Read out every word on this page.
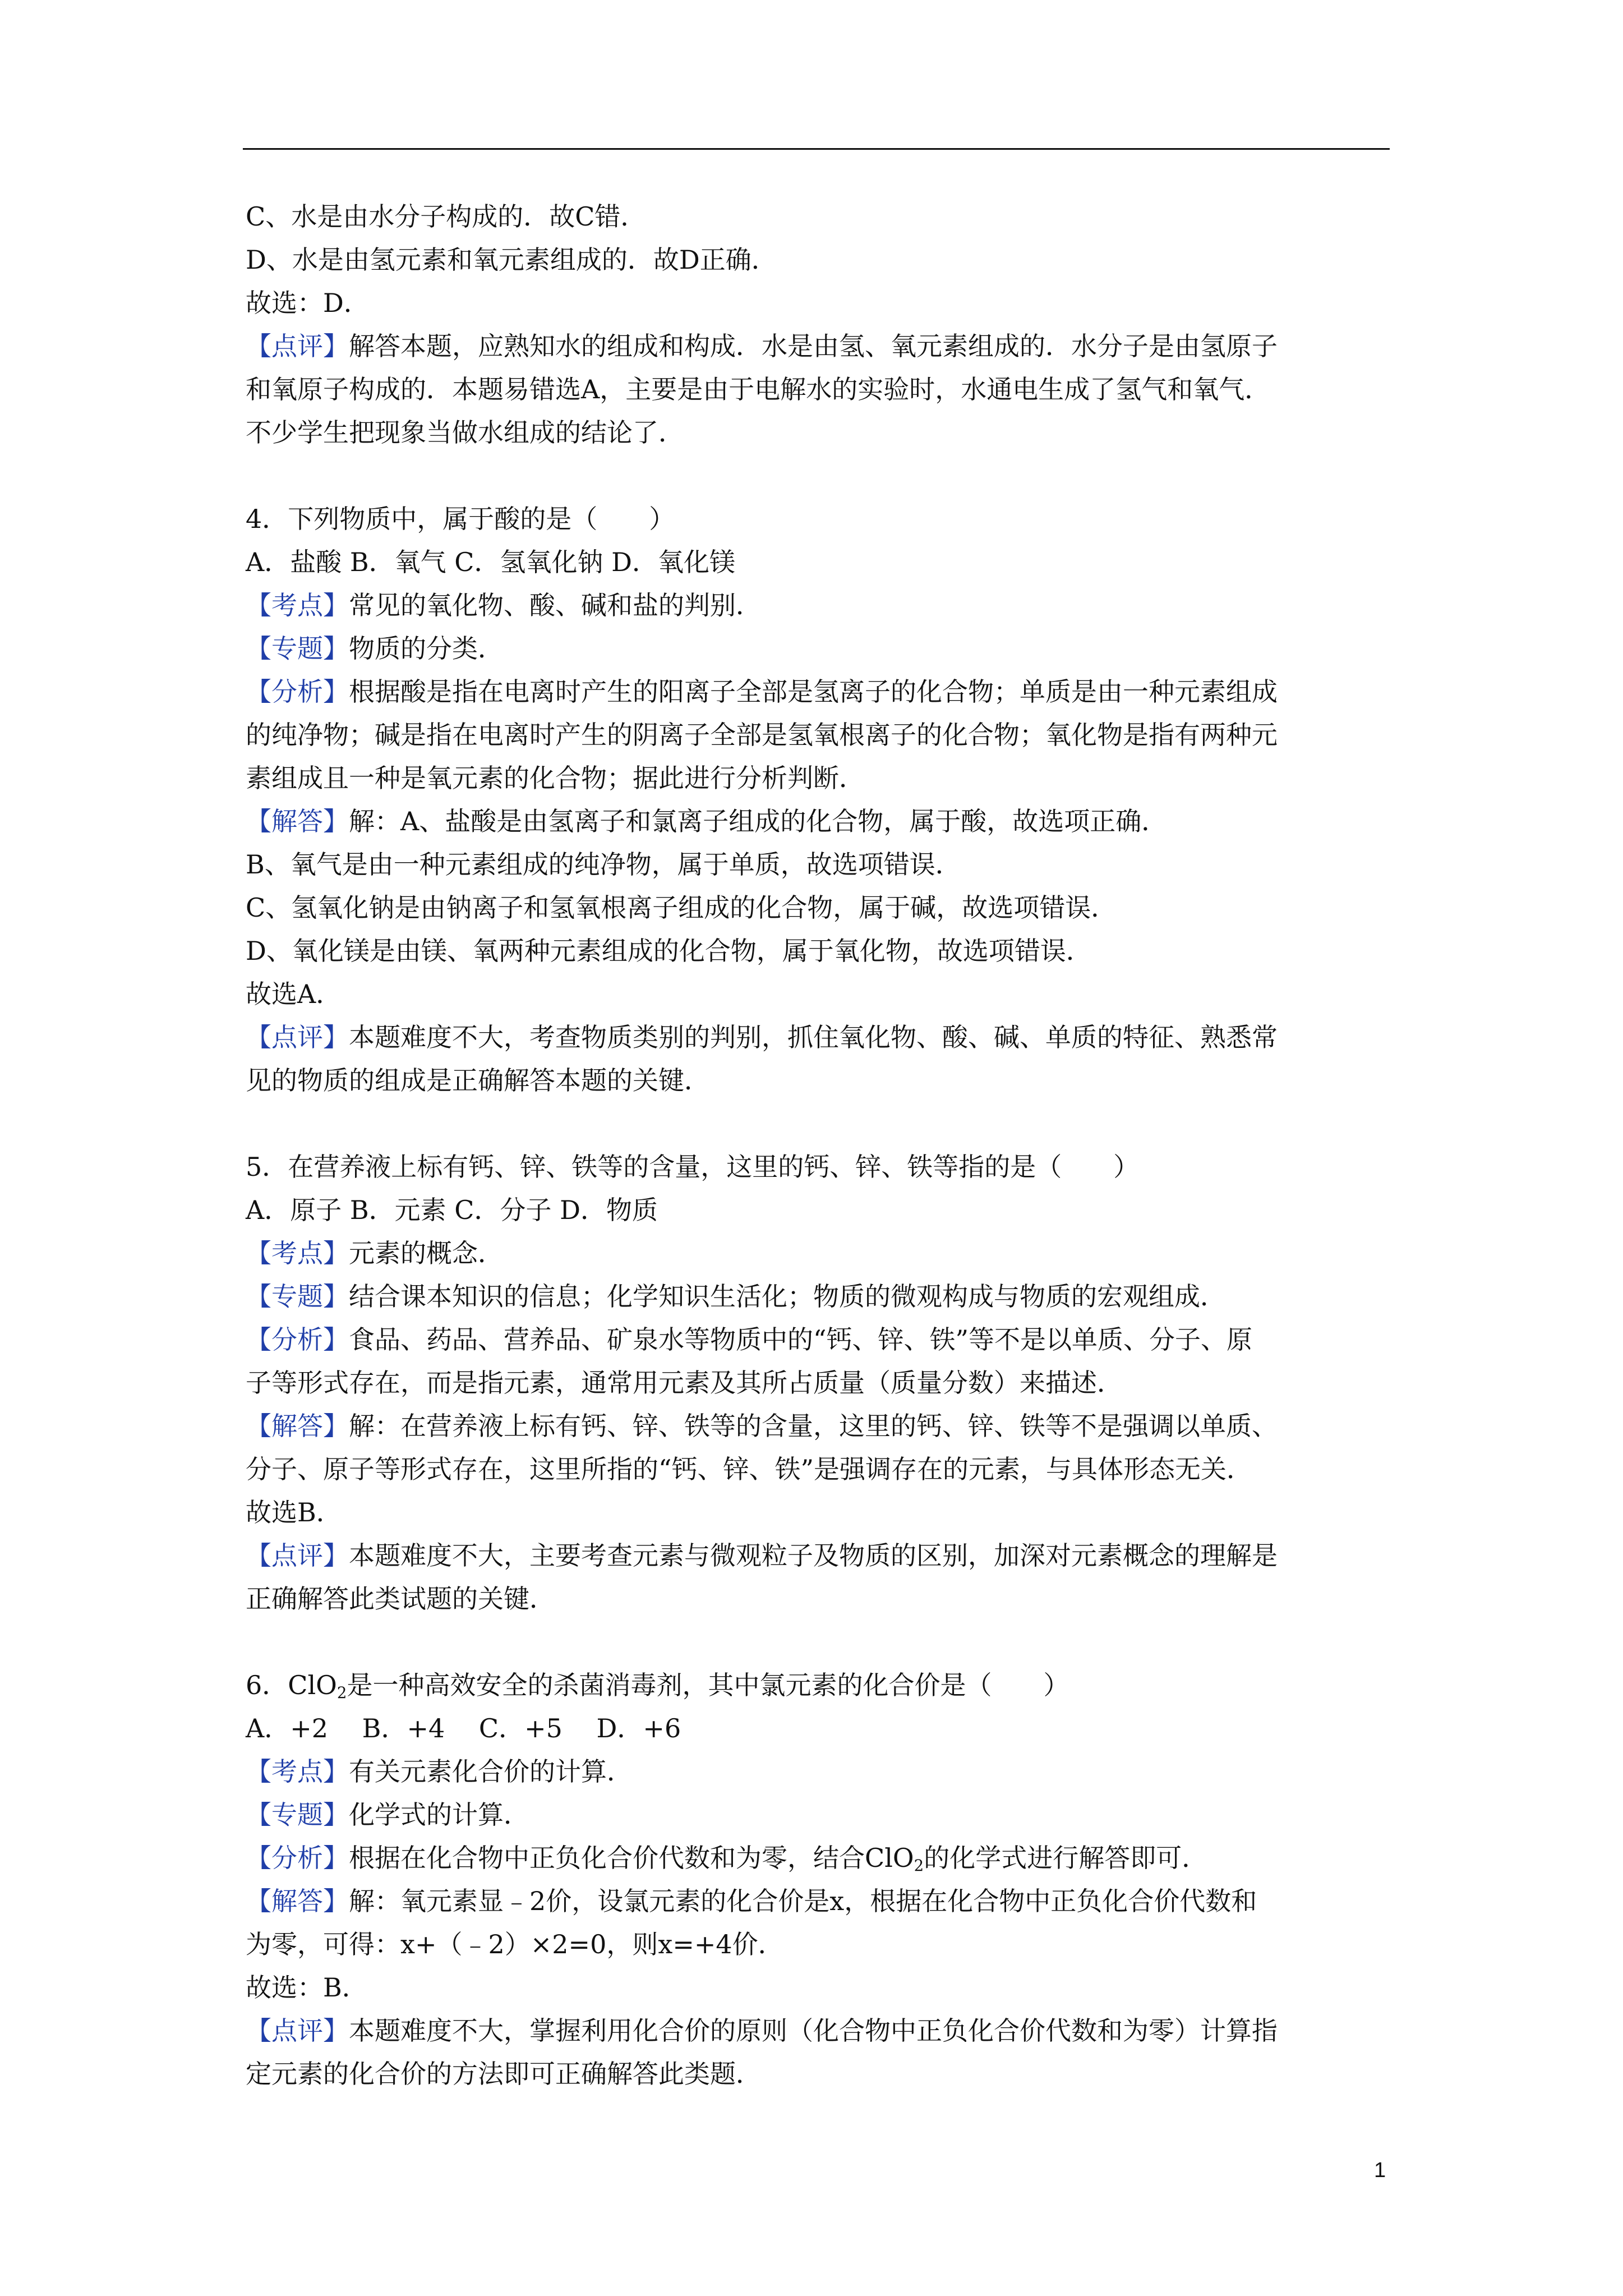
C、水是由水分子构成的．故C错．
D、水是由氢元素和氧元素组成的．故D正确．
故选：D．
【点评】解答本题，应熟知水的组成和构成．水是由氢、氧元素组成的．水分子是由氢原子
和氧原子构成的．本题易错选A，主要是由于电解水的实验时，水通电生成了氢气和氧气．
不少学生把现象当做水组成的结论了．
4．下列物质中，属于酸的是（　　）
A．盐酸 B．氧气 C．氢氧化钠 D．氧化镁
【考点】常见的氧化物、酸、碱和盐的判别．
【专题】物质的分类．
【分析】根据酸是指在电离时产生的阳离子全部是氢离子的化合物；单质是由一种元素组成
的纯净物；碱是指在电离时产生的阴离子全部是氢氧根离子的化合物；氧化物是指有两种元
素组成且一种是氧元素的化合物；据此进行分析判断．
【解答】解：A、盐酸是由氢离子和氯离子组成的化合物，属于酸，故选项正确．
B、氧气是由一种元素组成的纯净物，属于单质，故选项错误．
C、氢氧化钠是由钠离子和氢氧根离子组成的化合物，属于碱，故选项错误．
D、氧化镁是由镁、氧两种元素组成的化合物，属于氧化物，故选项错误．
故选A．
【点评】本题难度不大，考查物质类别的判别，抓住氧化物、酸、碱、单质的特征、熟悉常
见的物质的组成是正确解答本题的关键．
5．在营养液上标有钙、锌、铁等的含量，这里的钙、锌、铁等指的是（　　）
A．原子 B．元素 C．分子 D．物质
【考点】元素的概念．
【专题】结合课本知识的信息；化学知识生活化；物质的微观构成与物质的宏观组成．
【分析】食品、药品、营养品、矿泉水等物质中的“钙、锌、铁”等不是以单质、分子、原
子等形式存在，而是指元素，通常用元素及其所占质量（质量分数）来描述．
【解答】解：在营养液上标有钙、锌、铁等的含量，这里的钙、锌、铁等不是强调以单质、
分子、原子等形式存在，这里所指的“钙、锌、铁”是强调存在的元素，与具体形态无关．
故选B．
【点评】本题难度不大，主要考查元素与微观粒子及物质的区别，加深对元素概念的理解是
正确解答此类试题的关键．
6．ClO$_2$是一种高效安全的杀菌消毒剂，其中氯元素的化合价是（　　）
A．+2　 B．+4　 C．+5　 D．+6
【考点】有关元素化合价的计算．
【专题】化学式的计算．
【分析】根据在化合物中正负化合价代数和为零，结合ClO$_2$的化学式进行解答即可．
【解答】解：氧元素显﹣2价，设氯元素的化合价是x，根据在化合物中正负化合价代数和
为零，可得：x+（﹣2）×2=0，则x=+4价．
故选：B．
【点评】本题难度不大，掌握利用化合价的原则（化合物中正负化合价代数和为零）计算指
定元素的化合价的方法即可正确解答此类题．
1
